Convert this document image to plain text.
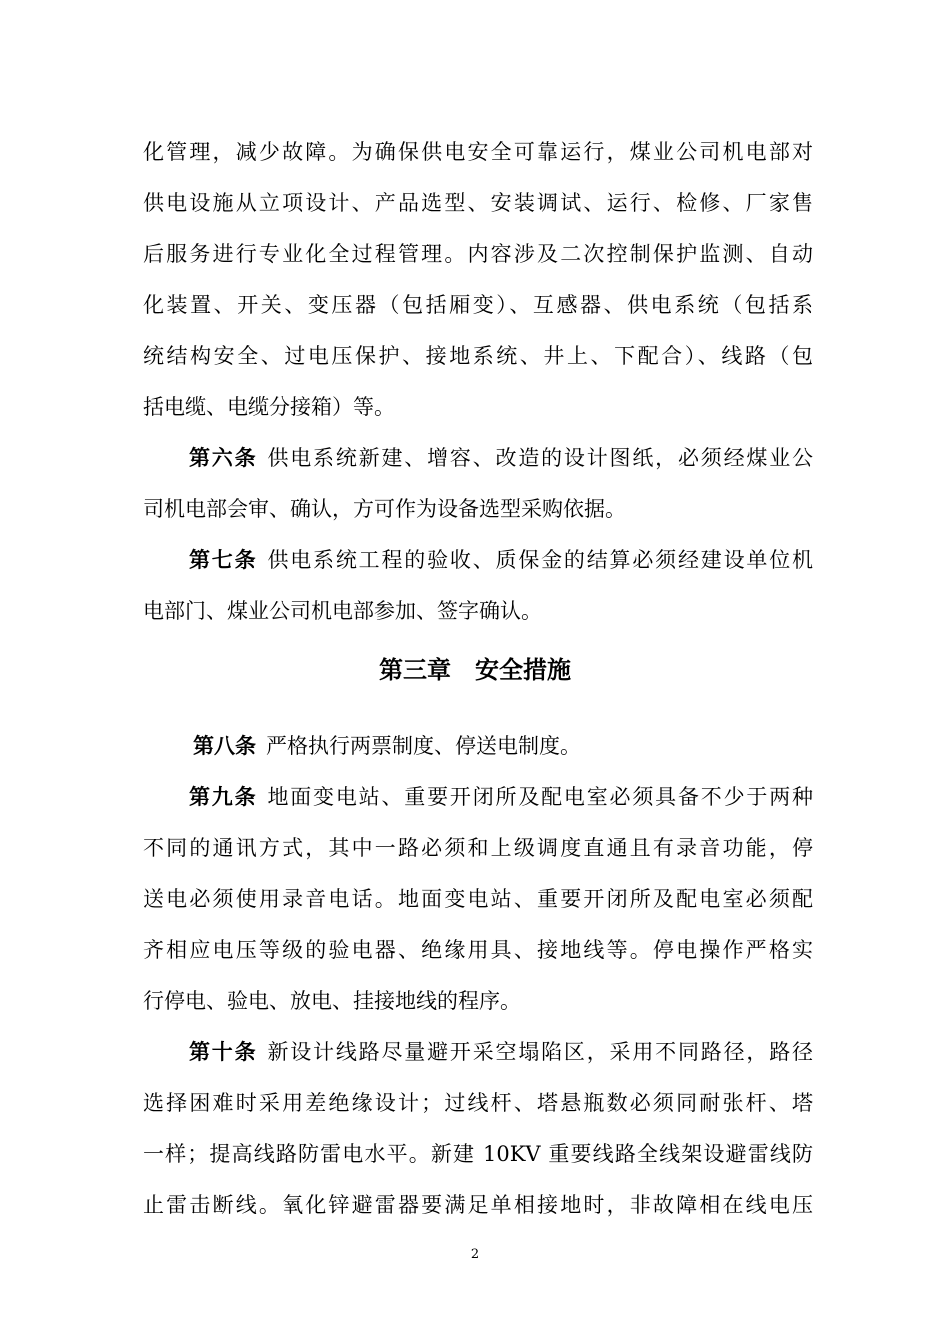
化管理，减少故障。为确保供电安全可靠运行，煤业公司机电部对
供电设施从立项设计、产品选型、安装调试、运行、检修、厂家售
后服务进行专业化全过程管理。内容涉及二次控制保护监测、自动
化装置、开关、变压器（包括厢变）、互感器、供电系统（包括系
统结构安全、过电压保护、接地系统、井上、下配合）、线路（包
括电缆、电缆分接箱）等。
第六条 供电系统新建、增容、改造的设计图纸，必须经煤业公
司机电部会审、确认，方可作为设备选型采购依据。
第七条 供电系统工程的验收、质保金的结算必须经建设单位机
电部门、煤业公司机电部参加、签字确认。
第三章　安全措施
第八条 严格执行两票制度、停送电制度。
第九条 地面变电站、重要开闭所及配电室必须具备不少于两种
不同的通讯方式，其中一路必须和上级调度直通且有录音功能，停
送电必须使用录音电话。地面变电站、重要开闭所及配电室必须配
齐相应电压等级的验电器、绝缘用具、接地线等。停电操作严格实
行停电、验电、放电、挂接地线的程序。
第十条 新设计线路尽量避开采空塌陷区，采用不同路径，路径
选择困难时采用差绝缘设计；过线杆、塔悬瓶数必须同耐张杆、塔
一样；提高线路防雷电水平。新建 10KV 重要线路全线架设避雷线防
止雷击断线。氧化锌避雷器要满足单相接地时，非故障相在线电压
2
